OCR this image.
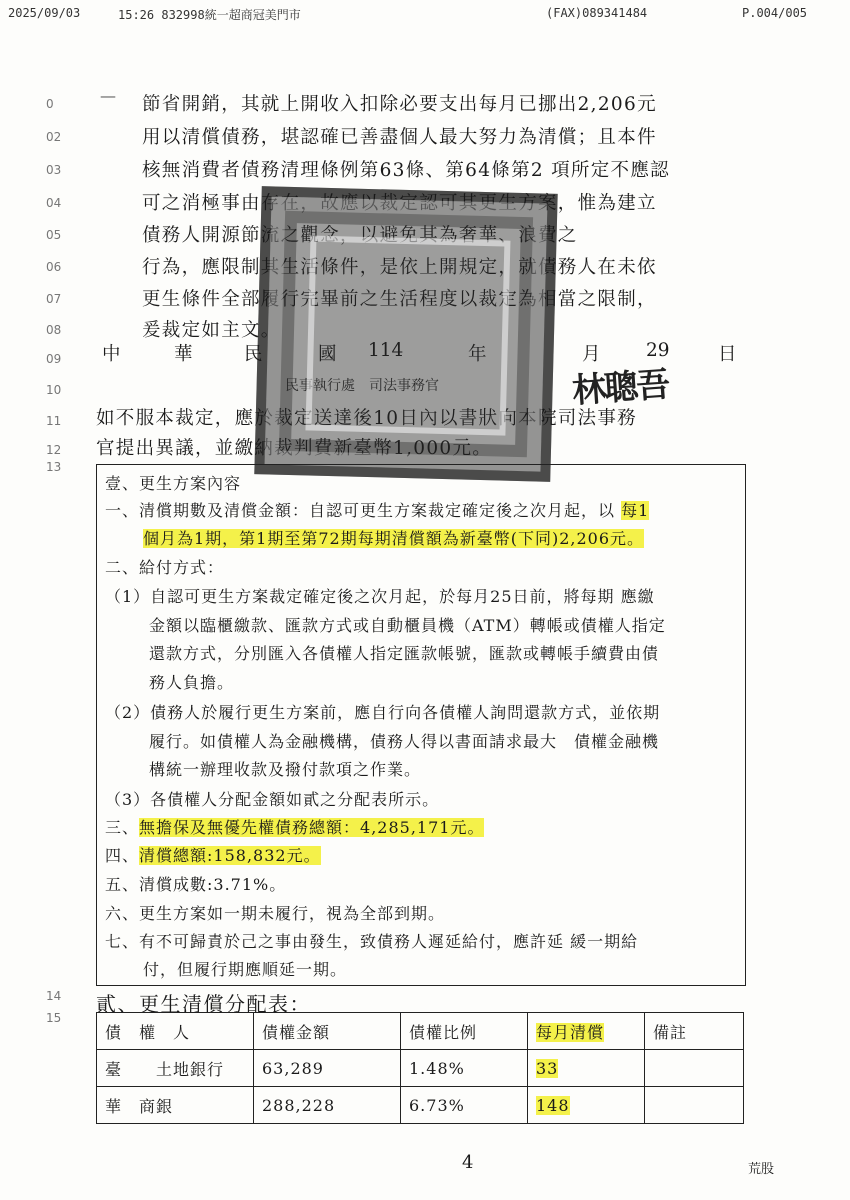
2025/09/03	15:26 832998統一超商冠美門市	(FAX)089341484	P.004/005
0
02
03
04
05
06
07
08
09
10
11
12
13
14
15
— 節省開銷，其就上開收入扣除必要支出每月已挪出2,206元
用以清償債務，堪認確已善盡個人最大努力為清償；且本件
核無消費者債務清理條例第63條、第64條第2 項所定不應認
可之消極事由存在，故應以裁定認可其更生方案，惟為建立
債務人開源節流之觀念，以避免其為奢華、浪費之
行為，應限制其生活條件，是依上開規定，就債務人在未依
更生條件全部履行完畢前之生活程度以裁定為相當之限制，
爰裁定如主文。
中	華	民	國 114	年	月 29	日
民事執行處　司法事務官	林聰吾
如不服本裁定，應於裁定送達後10日內以書狀向本院司法事務
官提出異議，並繳納裁判費新臺幣1,000元。
壹、更生方案內容
一、清償期數及清償金額：自認可更生方案裁定確定後之次月起，以 每1
個月為1期，第1期至第72期每期清償額為新臺幣(下同)2,206元。
二、給付方式：
（1）自認可更生方案裁定確定後之次月起，於每月25日前，將每期 應繳
金額以臨櫃繳款、匯款方式或自動櫃員機（ATM）轉帳或債權人指定
還款方式，分別匯入各債權人指定匯款帳號，匯款或轉帳手續費由債
務人負擔。
（2）債務人於履行更生方案前，應自行向各債權人詢問還款方式，並依期
履行。如債權人為金融機構，債務人得以書面請求最大　債權金融機
構統一辦理收款及撥付款項之作業。
（3）各債權人分配金額如貳之分配表所示。
三、無擔保及無優先權債務總額：4,285,171元。
四、清償總額:158,832元。
五、清償成數:3.71%。
六、更生方案如一期未履行，視為全部到期。
七、有不可歸責於己之事由發生，致債務人遲延給付，應許延 緩一期給
付，但履行期應順延一期。
貳、更生清償分配表：
債　權　人	債權金額	債權比例	每月清償	備註
臺　　土地銀行	63,289	1.48%	33	
華　商銀	288,228	6.73%	148	
4	荒股
